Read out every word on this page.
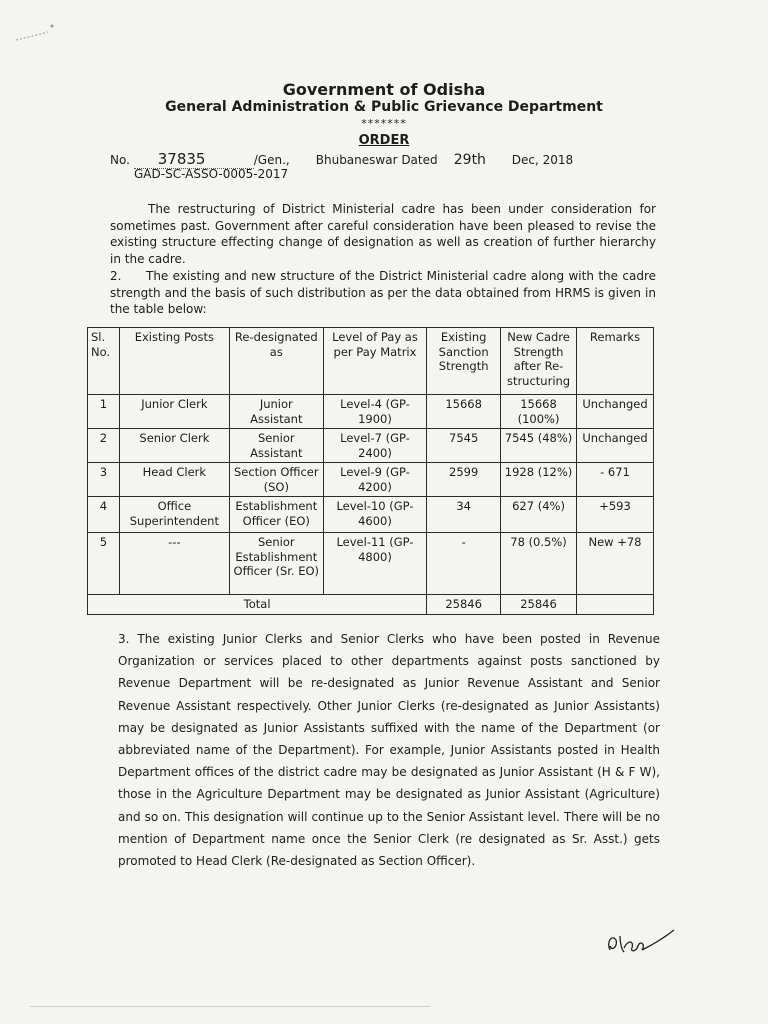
Government of Odisha
General Administration & Public Grievance Department
*******
ORDER
No. 37835	/Gen., Bhubaneswar Dated 29th Dec, 2018
GAD-SC-ASSO-0005-2017

The restructuring of District Ministerial cadre has been under consideration for sometimes past. Government after careful consideration have been pleased to revise the existing structure effecting change of designation as well as creation of further hierarchy in the cadre.

2. The existing and new structure of the District Ministerial cadre along with the cadre strength and the basis of such distribution as per the data obtained from HRMS is given in the table below:

Sl. No.	Existing Posts	Re-designated as	Level of Pay as per Pay Matrix	Existing Sanction Strength	New Cadre Strength after Re-structuring	Remarks
1	Junior Clerk	Junior Assistant	Level-4 (GP-1900)	15668	15668 (100%)	Unchanged
2	Senior Clerk	Senior Assistant	Level-7 (GP-2400)	7545	7545 (48%)	Unchanged
3	Head Clerk	Section Officer (SO)	Level-9 (GP-4200)	2599	1928 (12%)	- 671
4	Office Superintendent	Establishment Officer (EO)	Level-10 (GP-4600)	34	627 (4%)	+593
5	---	Senior Establishment Officer (Sr. EO)	Level-11 (GP-4800)	-	78 (0.5%)	New +78
Total				25846	25846	

3. The existing Junior Clerks and Senior Clerks who have been posted in Revenue Organization or services placed to other departments against posts sanctioned by Revenue Department will be re-designated as Junior Revenue Assistant and Senior Revenue Assistant respectively. Other Junior Clerks (re-designated as Junior Assistants) may be designated as Junior Assistants suffixed with the name of the Department (or abbreviated name of the Department). For example, Junior Assistants posted in Health Department offices of the district cadre may be designated as Junior Assistant (H & F W), those in the Agriculture Department may be designated as Junior Assistant (Agriculture) and so on. This designation will continue up to the Senior Assistant level. There will be no mention of Department name once the Senior Clerk (re designated as Sr. Asst.) gets promoted to Head Clerk (Re-designated as Section Officer).
